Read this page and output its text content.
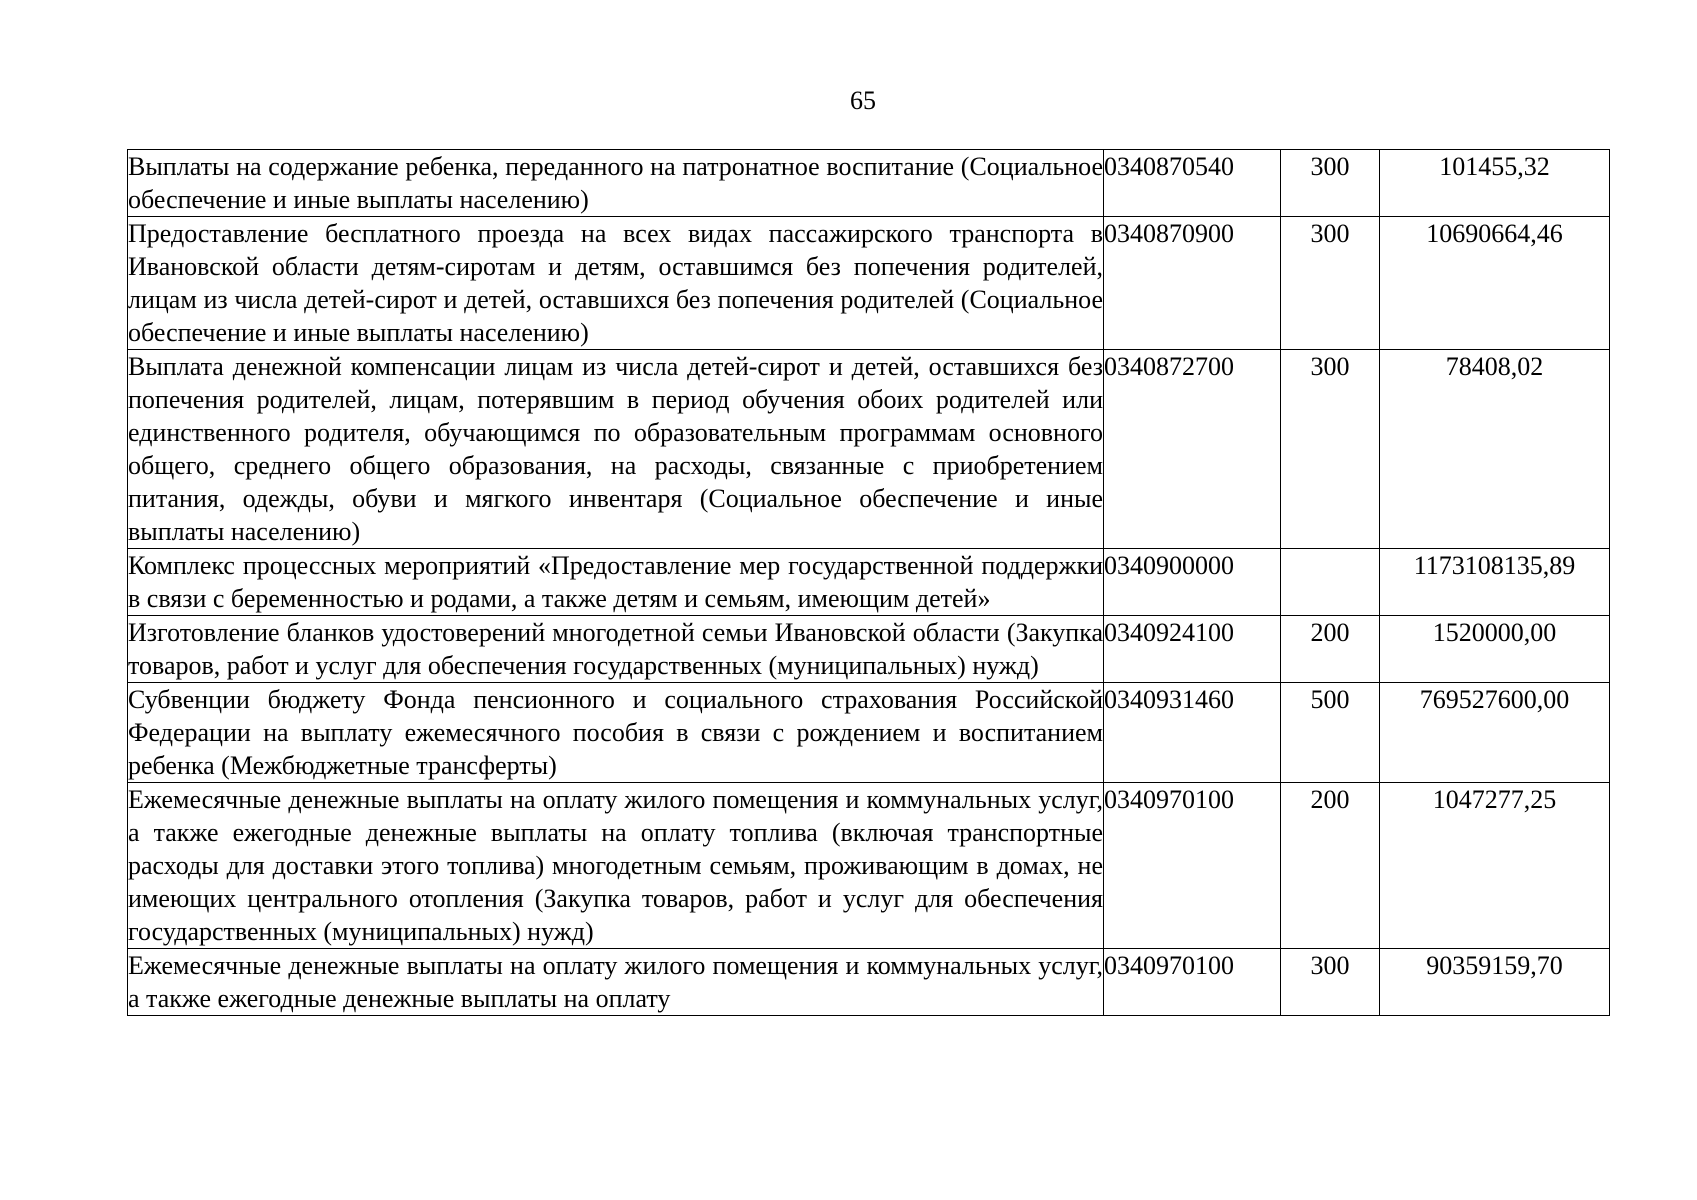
65
Выплаты на содержание ребенка, переданного на патронатное воспитание (Социальное обеспечение и иные выплаты населению)	0340870540	300	101455,32
Предоставление бесплатного проезда на всех видах пассажирского транспорта в Ивановской области детям-сиротам и детям, оставшимся без попечения родителей, лицам из числа детей-сирот и детей, оставшихся без попечения родителей (Социальное обеспечение и иные выплаты населению)	0340870900	300	10690664,46
Выплата денежной компенсации лицам из числа детей-сирот и детей, оставшихся без попечения родителей, лицам, потерявшим в период обучения обоих родителей или единственного родителя, обучающимся по образовательным программам основного общего, среднего общего образования, на расходы, связанные с приобретением питания, одежды, обуви и мягкого инвентаря (Социальное обеспечение и иные выплаты населению)	0340872700	300	78408,02
Комплекс процессных мероприятий «Предоставление мер государственной поддержки в связи с беременностью и родами, а также детям и семьям, имеющим детей»	0340900000		1173108135,89
Изготовление бланков удостоверений многодетной семьи Ивановской области (Закупка товаров, работ и услуг для обеспечения государственных (муниципальных) нужд)	0340924100	200	1520000,00
Субвенции бюджету Фонда пенсионного и социального страхования Российской Федерации на выплату ежемесячного пособия в связи с рождением и воспитанием ребенка (Межбюджетные трансферты)	0340931460	500	769527600,00
Ежемесячные денежные выплаты на оплату жилого помещения и коммунальных услуг, а также ежегодные денежные выплаты на оплату топлива (включая транспортные расходы для доставки этого топлива) многодетным семьям, проживающим в домах, не имеющих центрального отопления (Закупка товаров, работ и услуг для обеспечения государственных (муниципальных) нужд)	0340970100	200	1047277,25
Ежемесячные денежные выплаты на оплату жилого помещения и коммунальных услуг, а также ежегодные денежные выплаты на оплату	0340970100	300	90359159,70
